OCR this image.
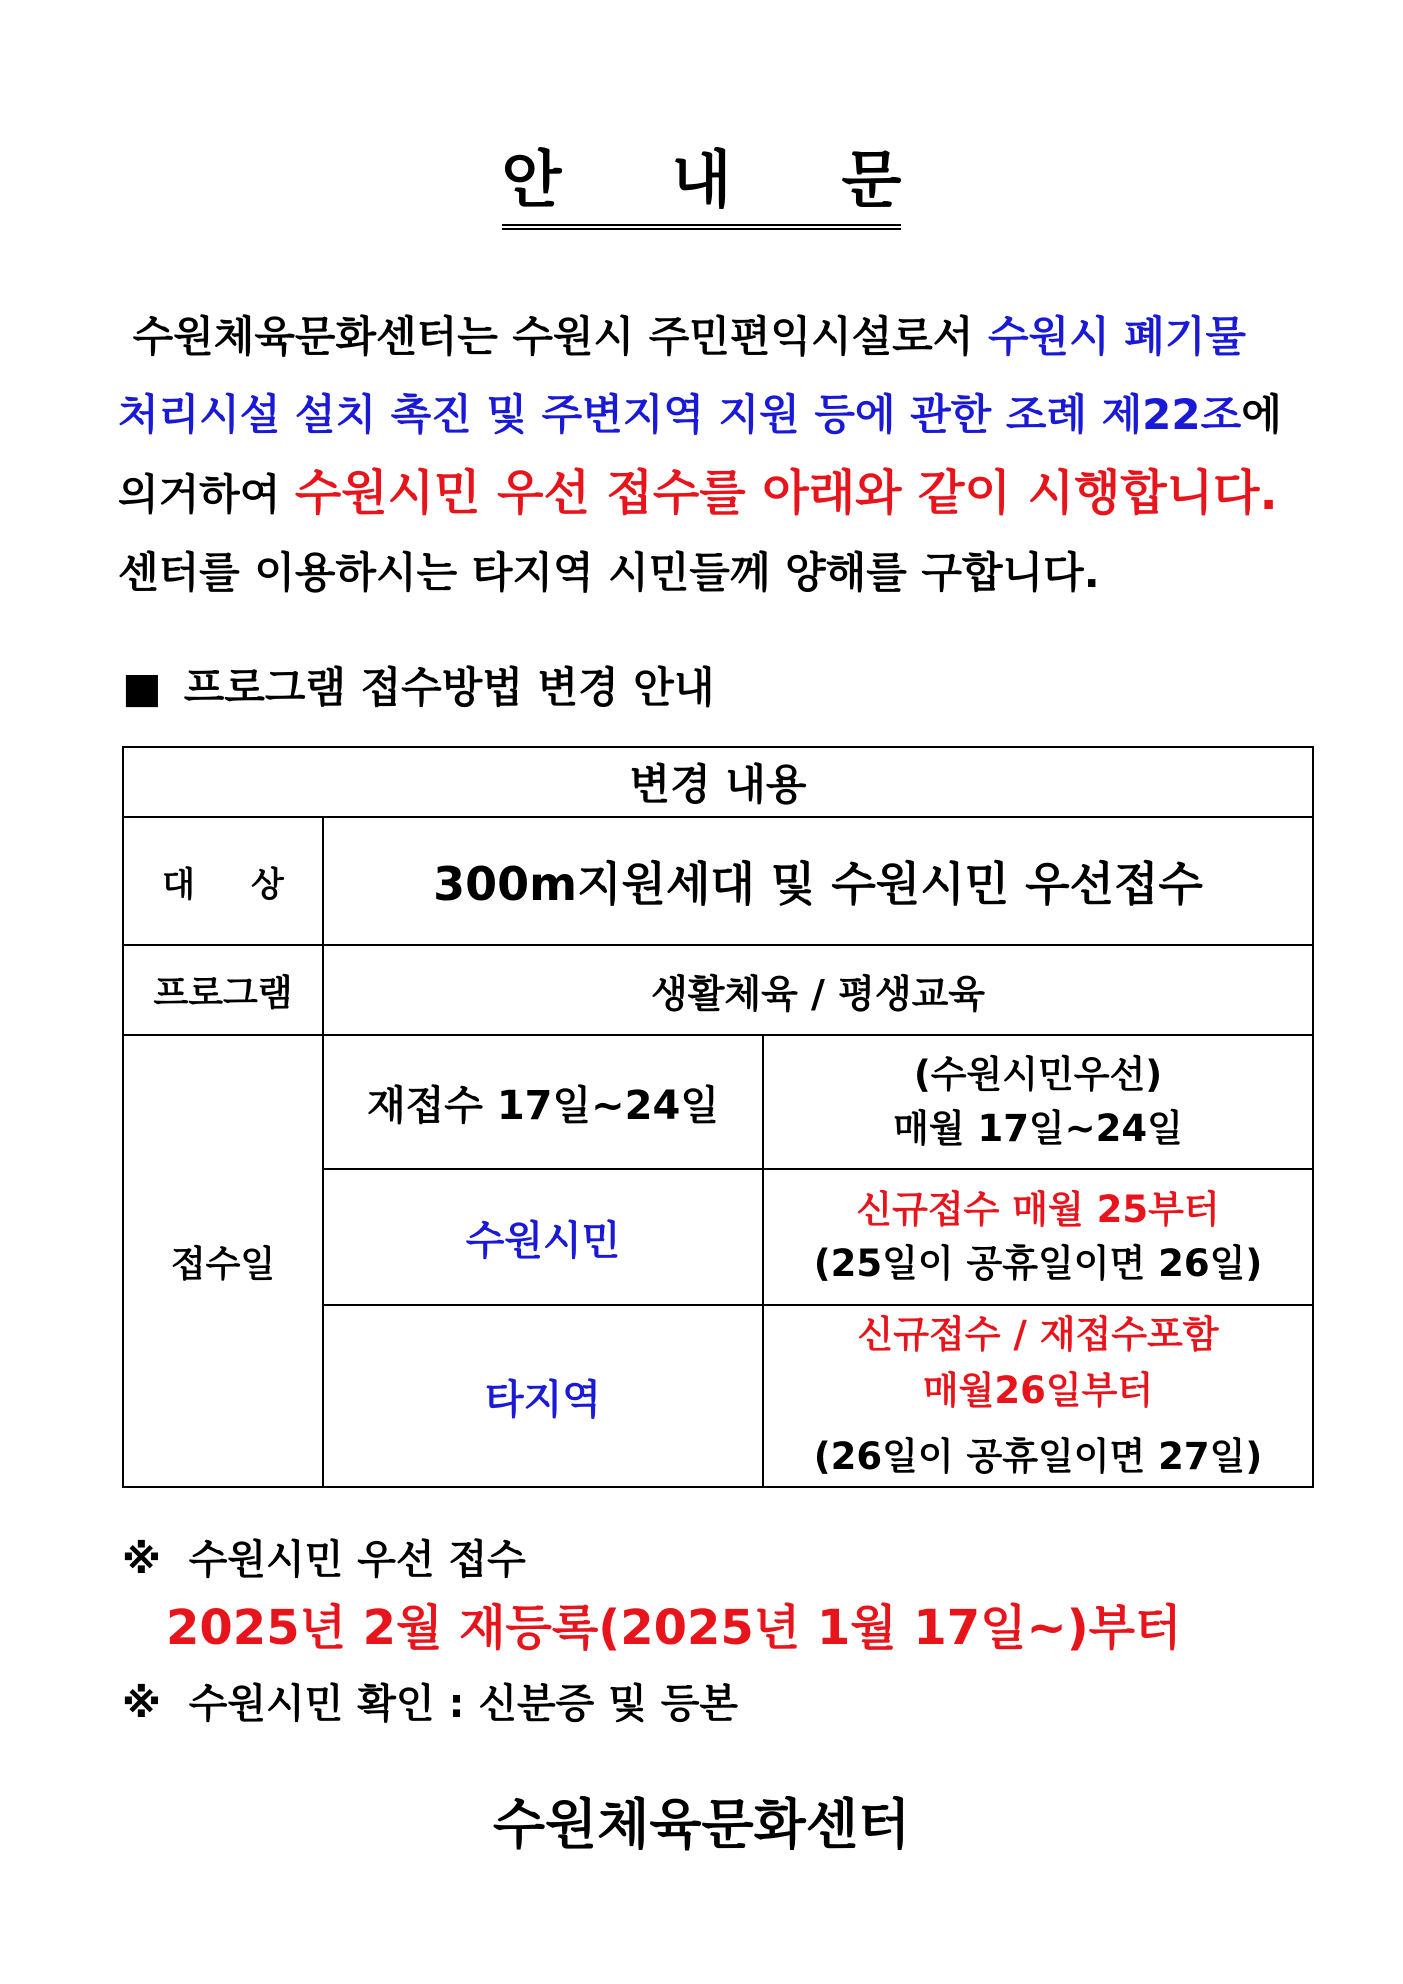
안 내 문
수원체육문화센터는 수원시 주민편익시설로서 수원시 폐기물
처리시설 설치 촉진 및 주변지역 지원 등에 관한 조례 제22조에
의거하여 수원시민 우선 접수를 아래와 같이 시행합니다.
센터를 이용하시는 타지역 시민들께 양해를 구합니다.
■ 프로그램 접수방법 변경 안내
변경 내용		
대 상	300m지원세대 및 수원시민 우선접수	
프로그램	생활체육 / 평생교육	
접수일	재접수 17일~24일	(수원시민우선)
매월 17일~24일

	수원시민	신규접수 매월 25부터
(25일이 공휴일이면 26일)

	타지역	신규접수 / 재접수포함
매월26일부터
(26일이 공휴일이면 27일)
※ 수원시민 우선 접수
2025년 2월 재등록(2025년 1월 17일~)부터
※ 수원시민 확인 : 신분증 및 등본
수원체육문화센터
